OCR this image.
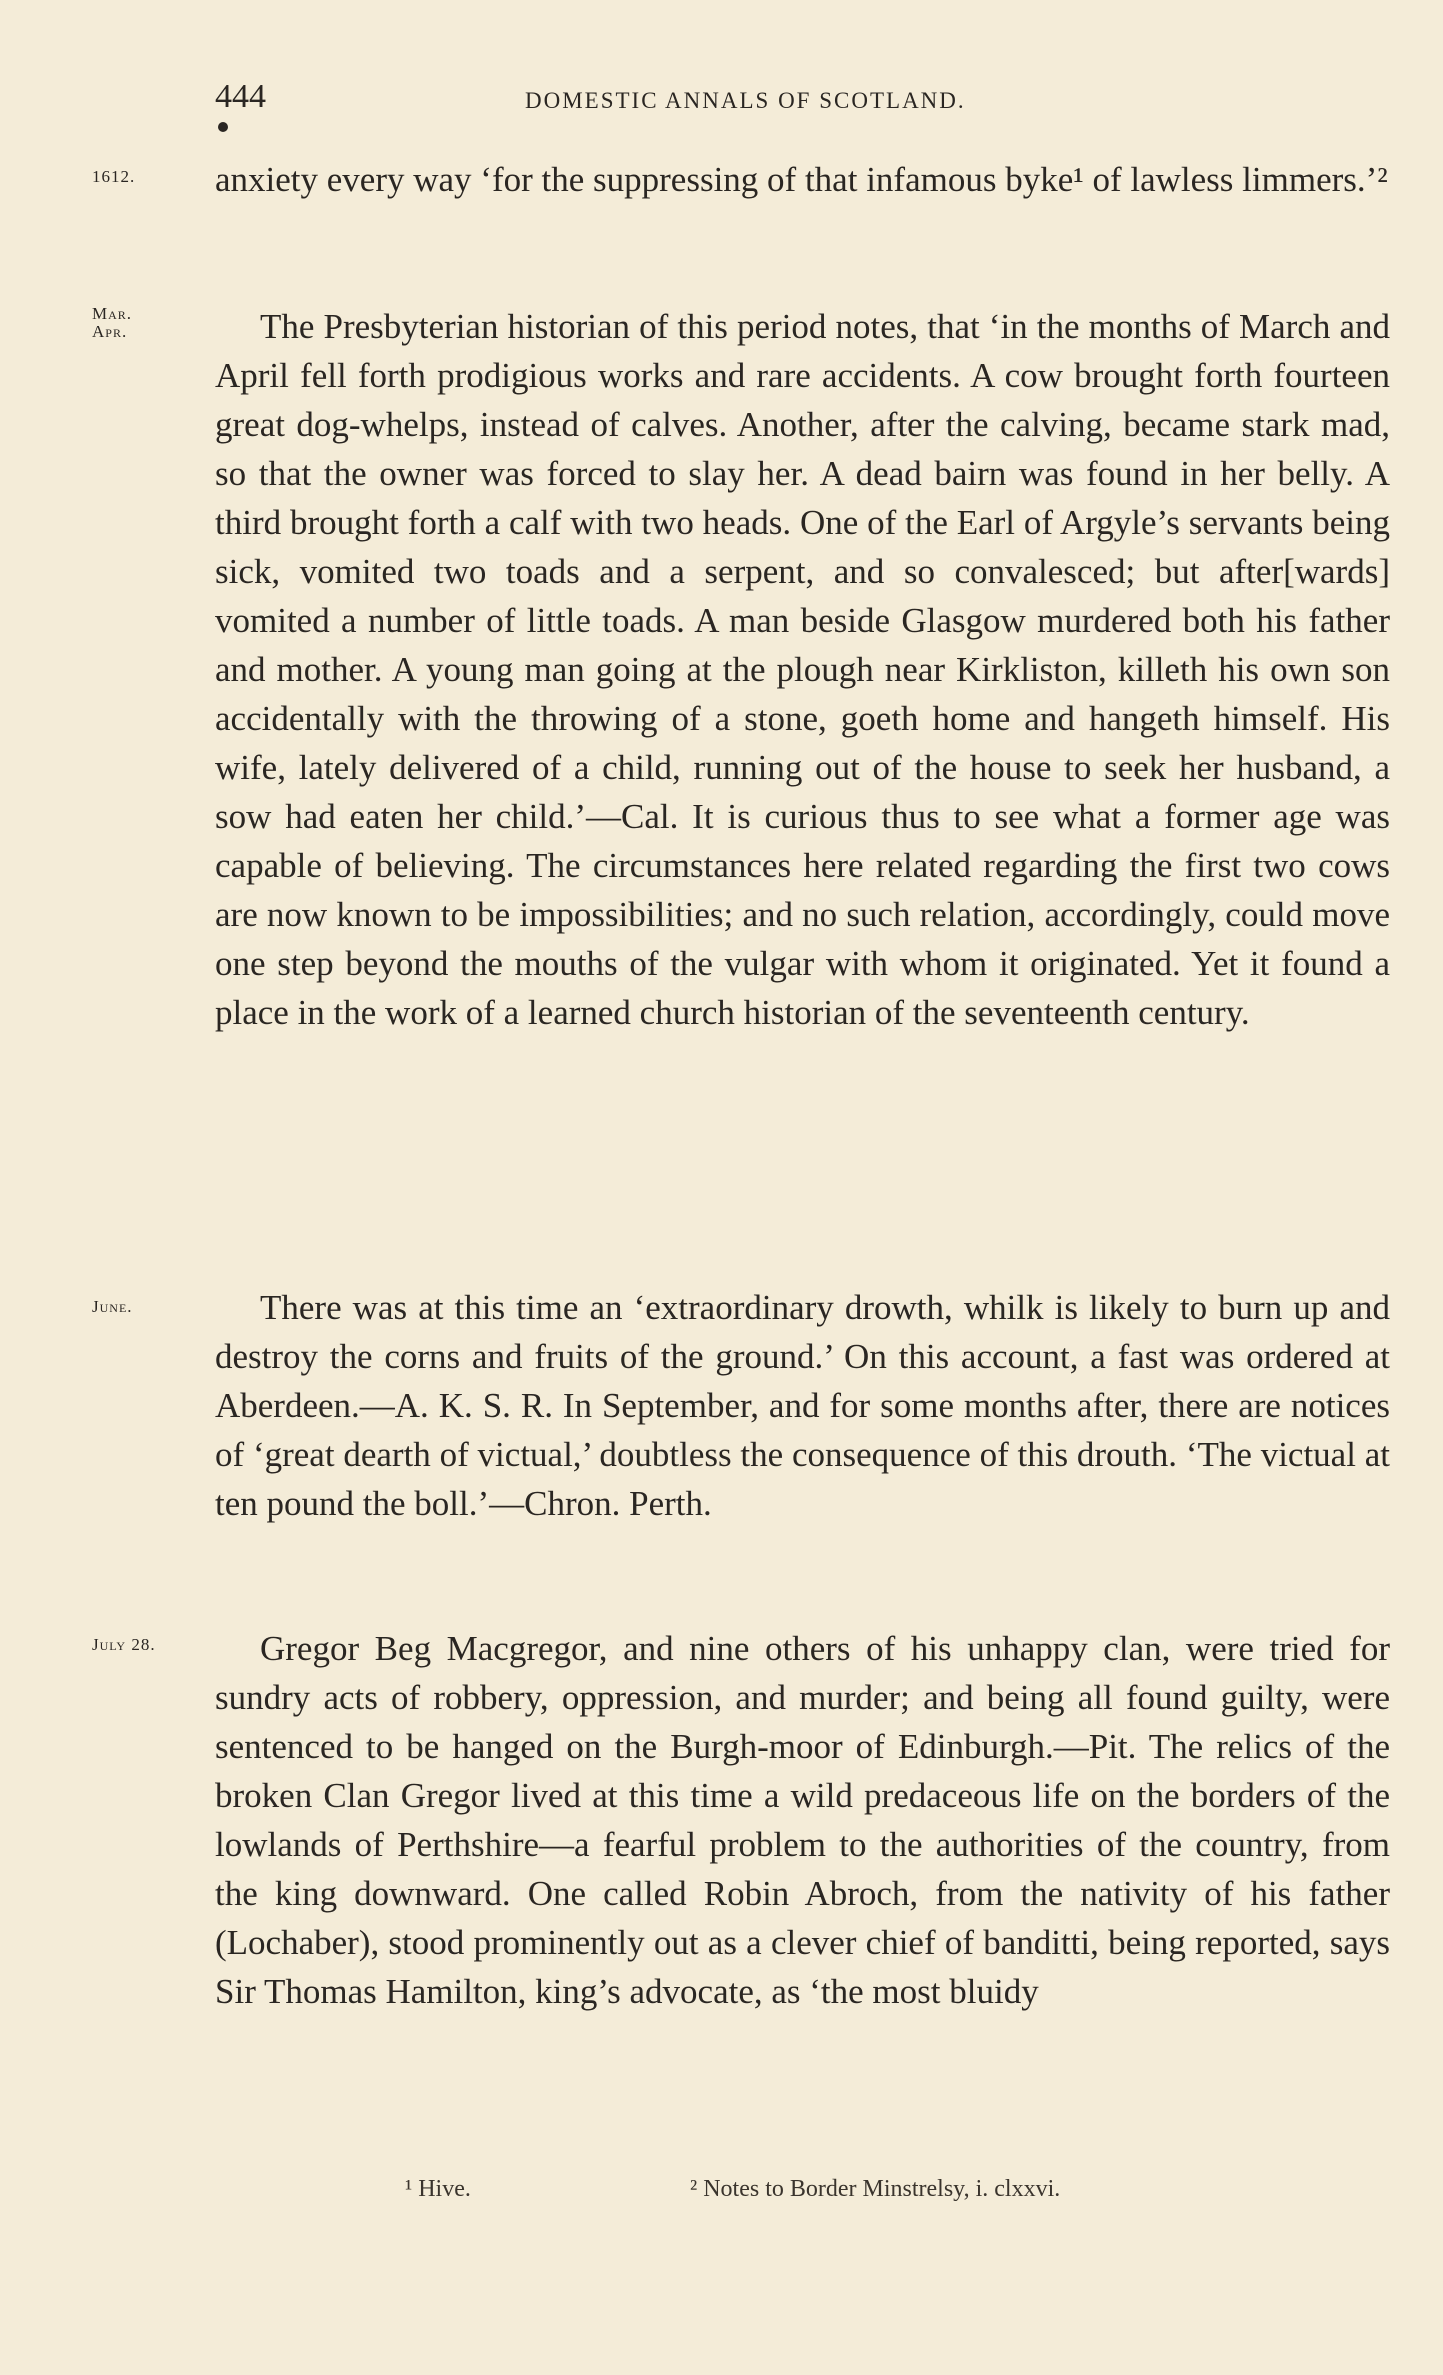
444	DOMESTIC ANNALS OF SCOTLAND.
1612.
Mar.
Apr.
June.
July 28.

anxiety every way ‘for the suppressing of that infamous byke¹ of lawless limmers.’²

The Presbyterian historian of this period notes, that ‘in the months of March and April fell forth prodigious works and rare accidents. A cow brought forth fourteen great dog-whelps, instead of calves. Another, after the calving, became stark mad, so that the owner was forced to slay her. A dead bairn was found in her belly. A third brought forth a calf with two heads. One of the Earl of Argyle’s servants being sick, vomited two toads and a serpent, and so convalesced; but after[wards] vomited a number of little toads. A man beside Glasgow murdered both his father and mother. A young man going at the plough near Kirkliston, killeth his own son accidentally with the throwing of a stone, goeth home and hangeth himself. His wife, lately delivered of a child, running out of the house to seek her husband, a sow had eaten her child.’—Cal. It is curious thus to see what a former age was capable of believing. The circumstances here related regarding the first two cows are now known to be impossibilities; and no such relation, accordingly, could move one step beyond the mouths of the vulgar with whom it originated. Yet it found a place in the work of a learned church historian of the seventeenth century.

There was at this time an ‘extraordinary drowth, whilk is likely to burn up and destroy the corns and fruits of the ground.’ On this account, a fast was ordered at Aberdeen.—A. K. S. R. In September, and for some months after, there are notices of ‘great dearth of victual,’ doubtless the consequence of this drouth. ‘The victual at ten pound the boll.’—Chron. Perth.

Gregor Beg Macgregor, and nine others of his unhappy clan, were tried for sundry acts of robbery, oppression, and murder; and being all found guilty, were sentenced to be hanged on the Burgh-moor of Edinburgh.—Pit. The relics of the broken Clan Gregor lived at this time a wild predaceous life on the borders of the lowlands of Perthshire—a fearful problem to the authorities of the country, from the king downward. One called Robin Abroch, from the nativity of his father (Lochaber), stood prominently out as a clever chief of banditti, being reported, says Sir Thomas Hamilton, king’s advocate, as ‘the most bluidy

¹ Hive.	² Notes to Border Minstrelsy, i. clxxvi.
